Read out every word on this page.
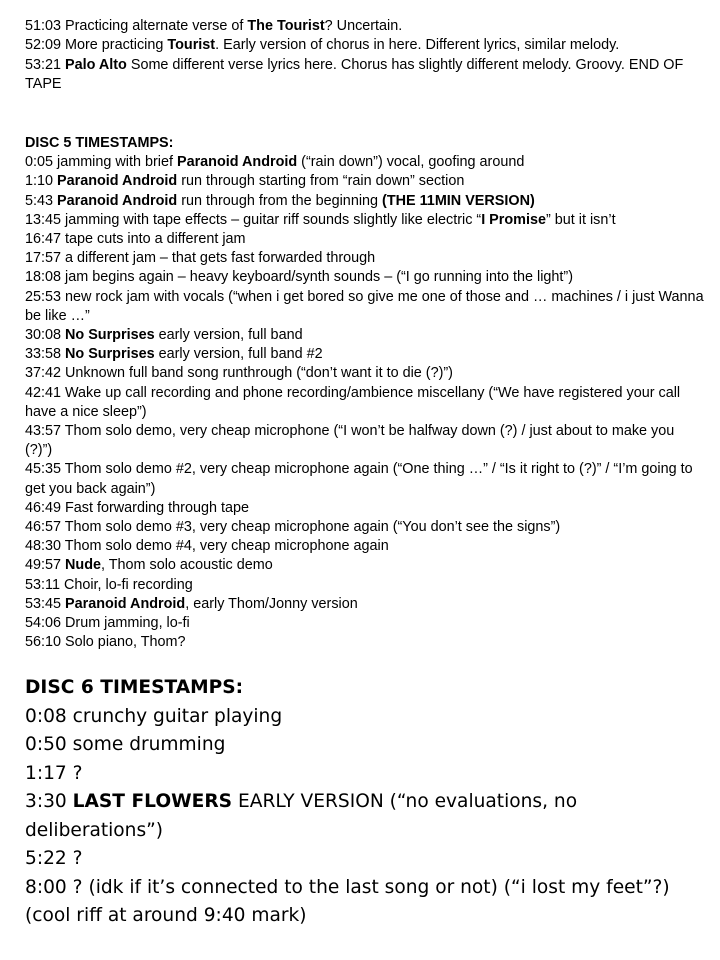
51:03 Practicing alternate verse of The Tourist? Uncertain.
52:09 More practicing Tourist. Early version of chorus in here. Different lyrics, similar melody.
53:21 Palo Alto Some different verse lyrics here. Chorus has slightly different melody. Groovy. END OF TAPE
DISC 5 TIMESTAMPS:
0:05 jamming with brief Paranoid Android (“rain down”) vocal, goofing around
1:10 Paranoid Android run through starting from “rain down” section
5:43 Paranoid Android run through from the beginning (THE 11MIN VERSION)
13:45 jamming with tape effects – guitar riff sounds slightly like electric “I Promise” but it isn’t
16:47 tape cuts into a different jam
17:57 a different jam – that gets fast forwarded through
18:08 jam begins again – heavy keyboard/synth sounds – (“I go running into the light”)
25:53 new rock jam with vocals (“when i get bored so give me one of those and … machines / i just Wanna be like …”
30:08 No Surprises early version, full band
33:58 No Surprises early version, full band #2
37:42 Unknown full band song runthrough (“don’t want it to die (?)”)
42:41 Wake up call recording and phone recording/ambience miscellany (“We have registered your call have a nice sleep”)
43:57 Thom solo demo, very cheap microphone (“I won’t be halfway down (?) / just about to make you (?)”)
45:35 Thom solo demo #2, very cheap microphone again (“One thing …” / “Is it right to (?)” / “I’m going to get you back again”)
46:49 Fast forwarding through tape
46:57 Thom solo demo #3, very cheap microphone again (“You don’t see the signs”)
48:30 Thom solo demo #4, very cheap microphone again
49:57 Nude, Thom solo acoustic demo
53:11 Choir, lo-fi recording
53:45 Paranoid Android, early Thom/Jonny version
54:06 Drum jamming, lo-fi
56:10 Solo piano, Thom?
DISC 6 TIMESTAMPS:
0:08 crunchy guitar playing
0:50 some drumming
1:17 ?
3:30 LAST FLOWERS EARLY VERSION (“no evaluations, no deliberations”)
5:22 ?
8:00 ? (idk if it’s connected to the last song or not) (“i lost my feet”?) (cool riff at around 9:40 mark)
